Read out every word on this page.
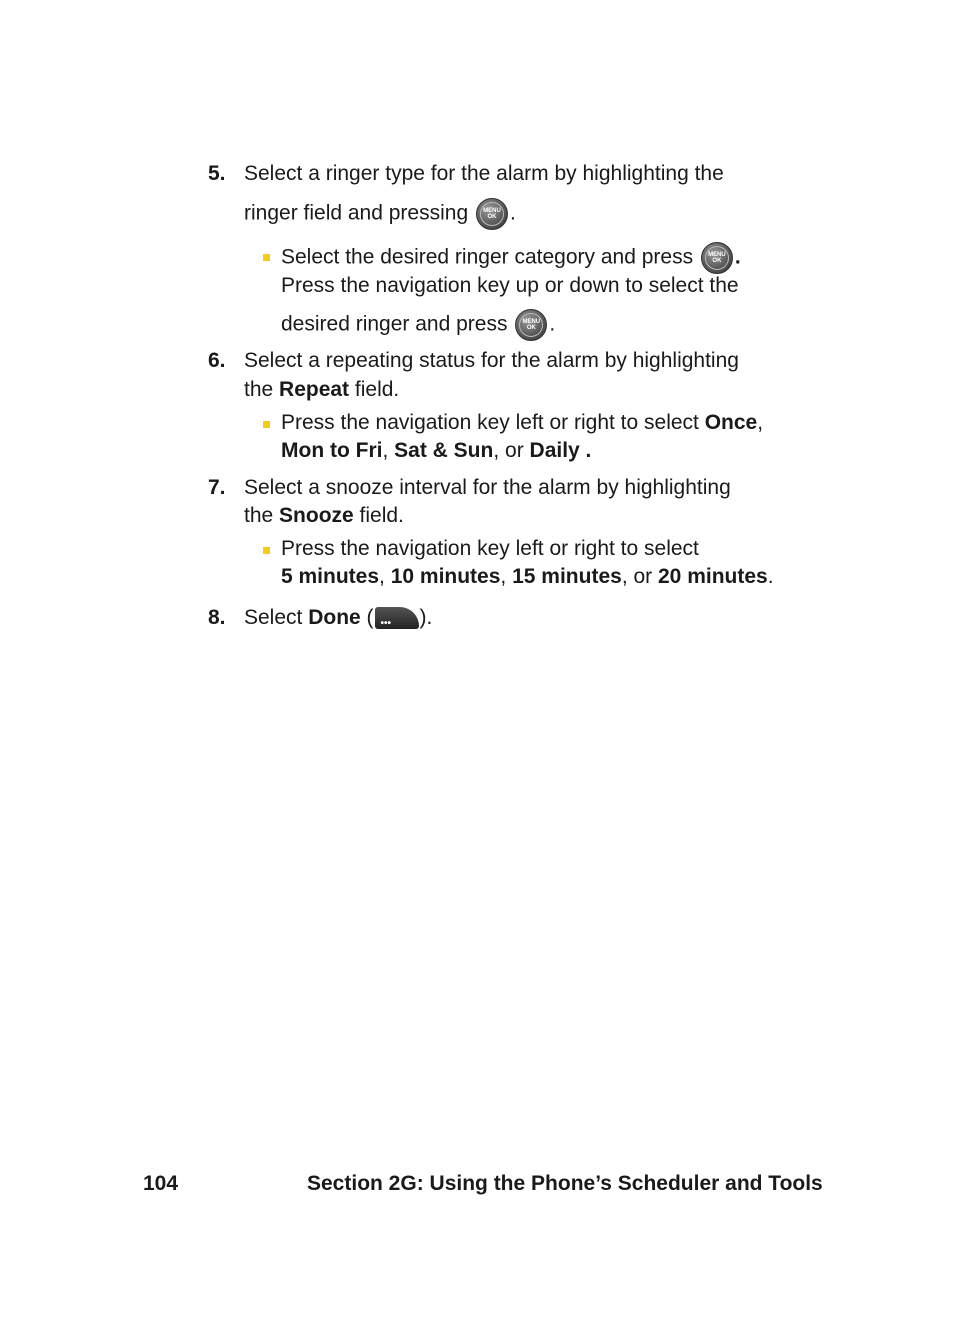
5. Select a ringer type for the alarm by highlighting the
ringer field and pressing	MENU
OK .
Select the desired ringer category and press	MENU
OK .
Press the navigation key up or down to select the
desired ringer and press	MENU
OK .
6. Select a repeating status for the alarm by highlighting
the Repeat field.
Press the navigation key left or right to select Once,
Mon to Fri, Sat & Sun, or Daily .
7. Select a snooze interval for the alarm by highlighting
the Snooze field.
Press the navigation key left or right to select
5 minutes, 10 minutes, 15 minutes, or 20 minutes.
8. Select Done ( ••• ).
104	Section 2G: Using the Phone’s Scheduler and Tools
